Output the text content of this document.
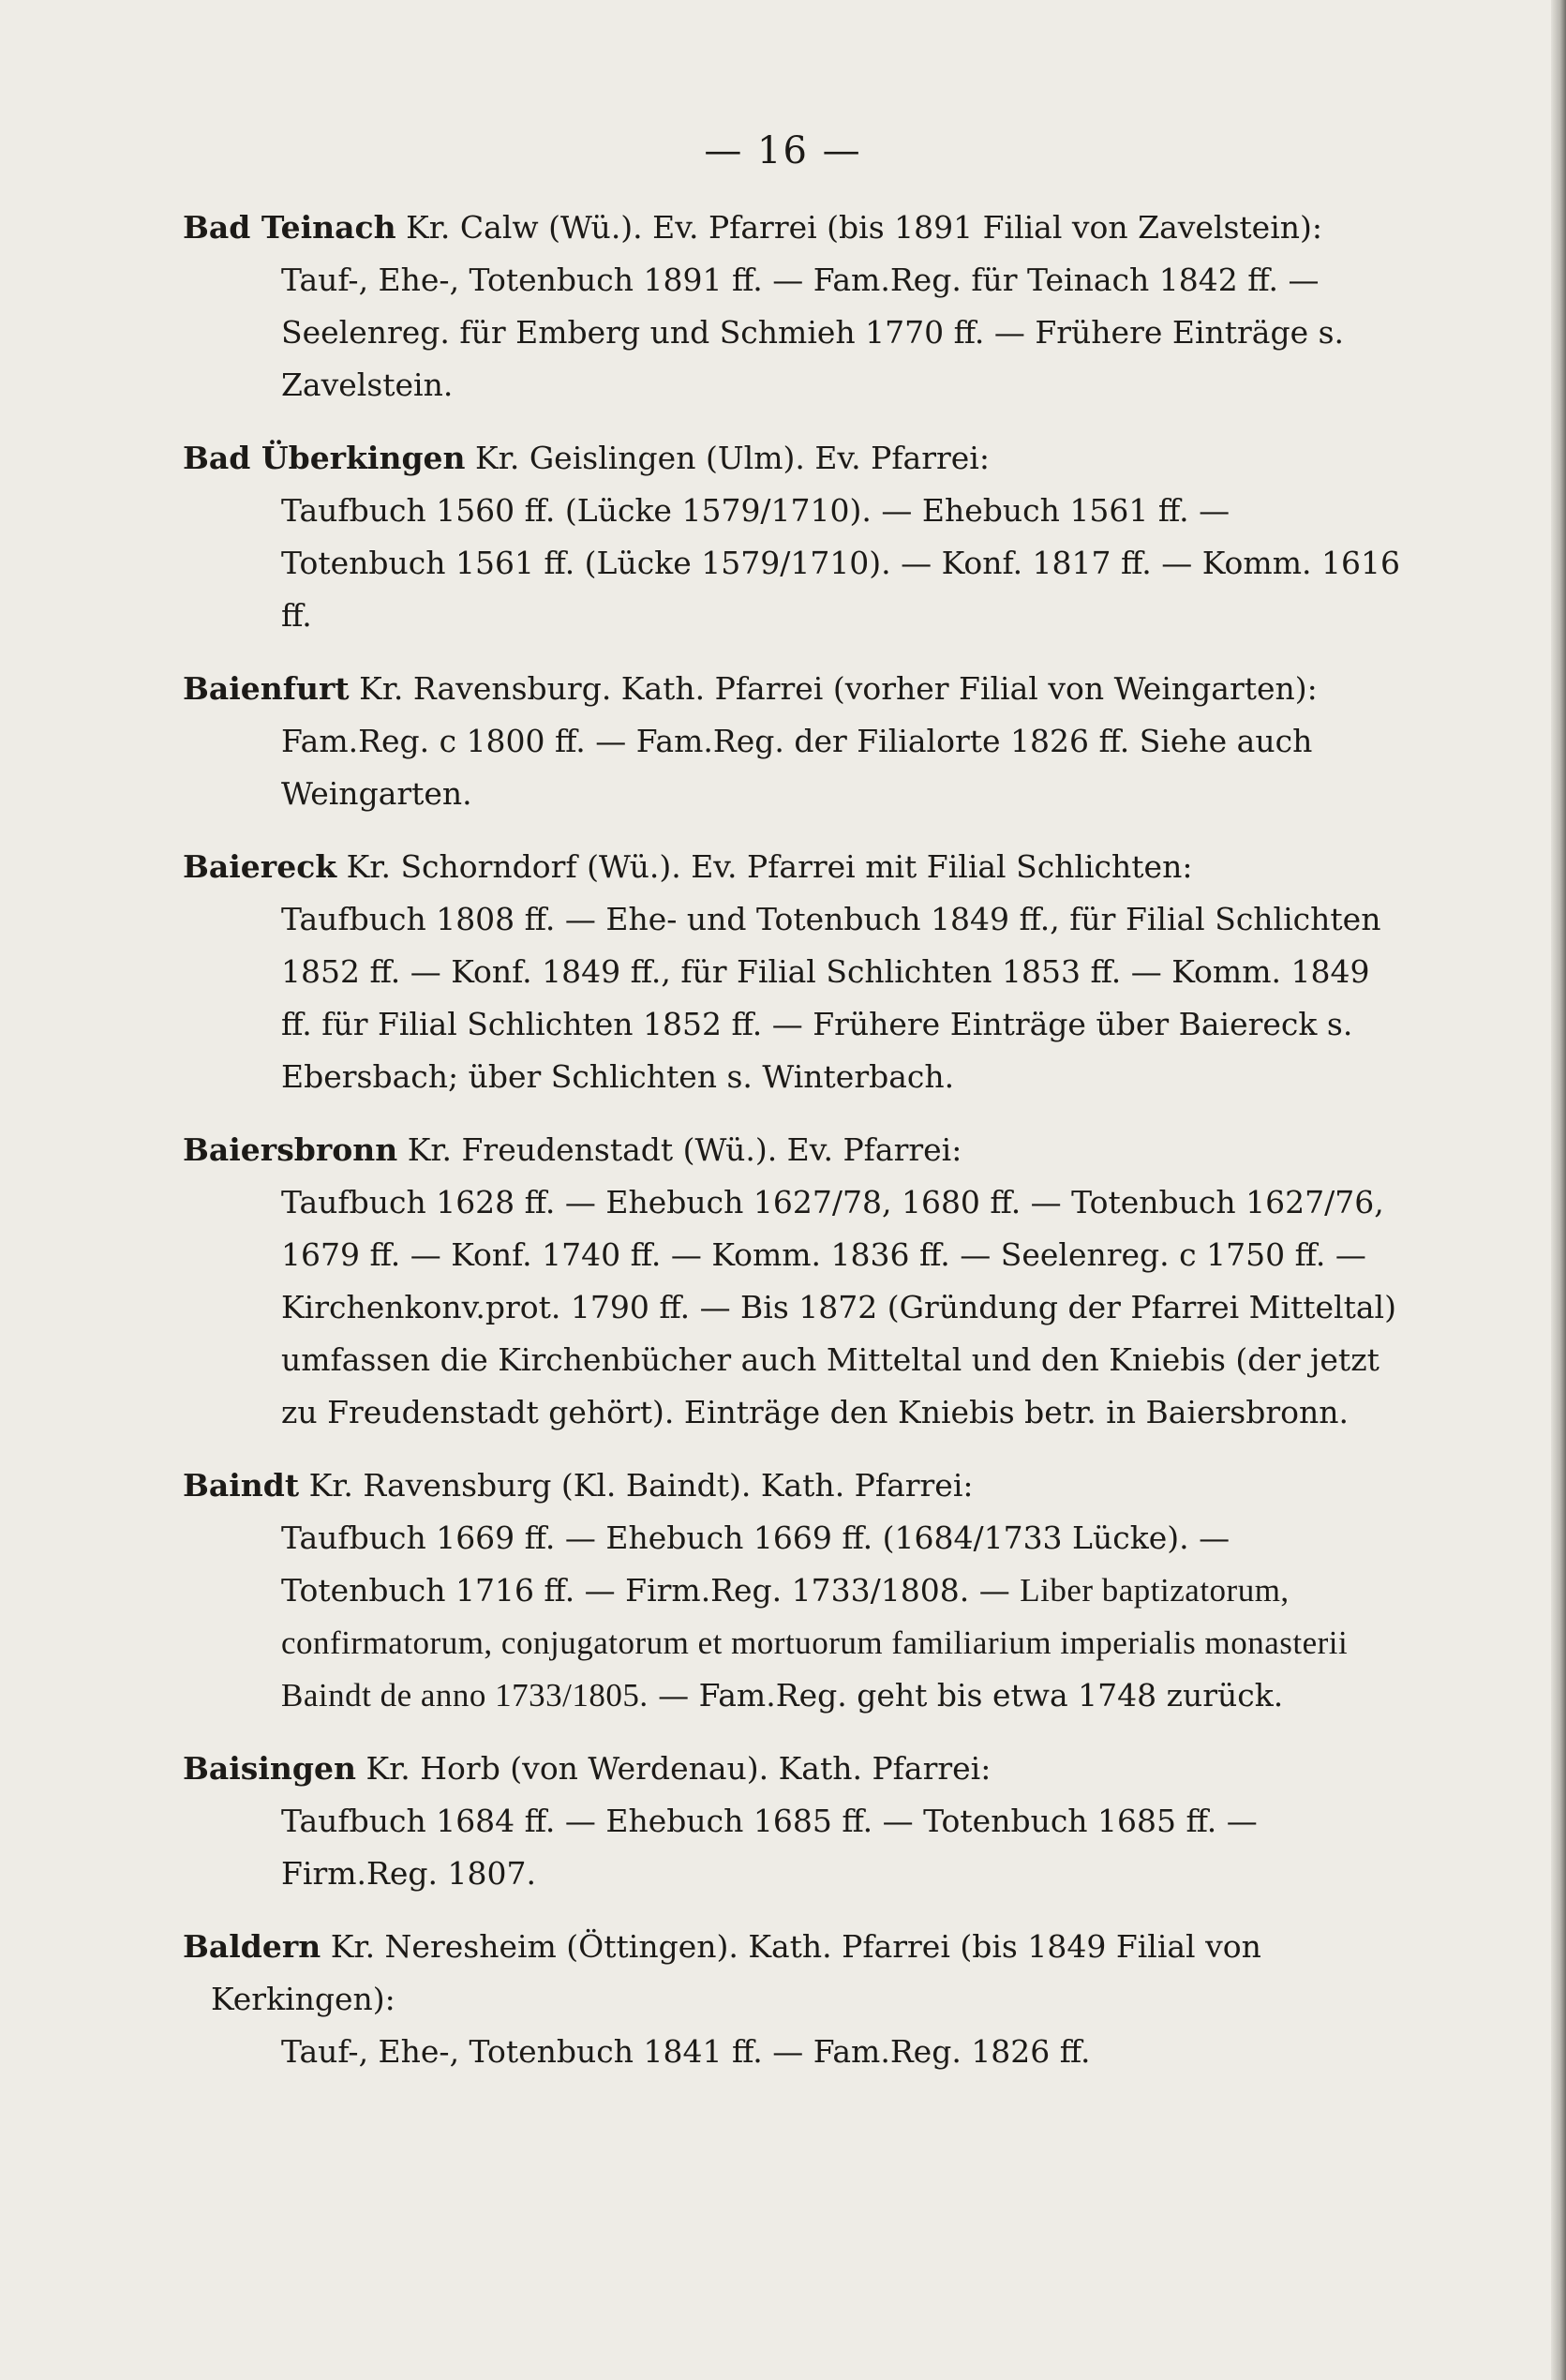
— 16 —

Bad Teinach Kr. Calw (Wü.). Ev. Pfarrei (bis 1891 Filial von Zavelstein):

Tauf-, Ehe-, Totenbuch 1891 ff. — Fam.Reg. für Teinach 1842 ff. — Seelenreg. für Emberg und Schmieh 1770 ff. — Frühere Einträge s. Zavelstein.

Bad Überkingen Kr. Geislingen (Ulm). Ev. Pfarrei:

Taufbuch 1560 ff. (Lücke 1579/1710). — Ehebuch 1561 ff. — Totenbuch 1561 ff. (Lücke 1579/1710). — Konf. 1817 ff. — Komm. 1616 ff.

Baienfurt Kr. Ravensburg. Kath. Pfarrei (vorher Filial von Weingarten):

Fam.Reg. c 1800 ff. — Fam.Reg. der Filialorte 1826 ff. Siehe auch Weingarten.

Baiereck Kr. Schorndorf (Wü.). Ev. Pfarrei mit Filial Schlichten:

Taufbuch 1808 ff. — Ehe- und Totenbuch 1849 ff., für Filial Schlichten 1852 ff. — Konf. 1849 ff., für Filial Schlichten 1853 ff. — Komm. 1849 ff. für Filial Schlichten 1852 ff. — Frühere Einträge über Baiereck s. Ebersbach; über Schlichten s. Winterbach.

Baiersbronn Kr. Freudenstadt (Wü.). Ev. Pfarrei:

Taufbuch 1628 ff. — Ehebuch 1627/78, 1680 ff. — Totenbuch 1627/76, 1679 ff. — Konf. 1740 ff. — Komm. 1836 ff. — Seelenreg. c 1750 ff. — Kirchenkonv.prot. 1790 ff. — Bis 1872 (Gründung der Pfarrei Mitteltal) umfassen die Kirchenbücher auch Mitteltal und den Kniebis (der jetzt zu Freudenstadt gehört). Einträge den Kniebis betr. in Baiersbronn.

Baindt Kr. Ravensburg (Kl. Baindt). Kath. Pfarrei:

Taufbuch 1669 ff. — Ehebuch 1669 ff. (1684/1733 Lücke). — Totenbuch 1716 ff. — Firm.Reg. 1733/1808. — Liber baptizatorum, confirmatorum, conjugatorum et mortuorum familiarium imperialis monasterii Baindt de anno 1733/1805. — Fam.Reg. geht bis etwa 1748 zurück.

Baisingen Kr. Horb (von Werdenau). Kath. Pfarrei:

Taufbuch 1684 ff. — Ehebuch 1685 ff. — Totenbuch 1685 ff. — Firm.Reg. 1807.

Baldern Kr. Neresheim (Öttingen). Kath. Pfarrei (bis 1849 Filial von Kerkingen):

Tauf-, Ehe-, Totenbuch 1841 ff. — Fam.Reg. 1826 ff.
